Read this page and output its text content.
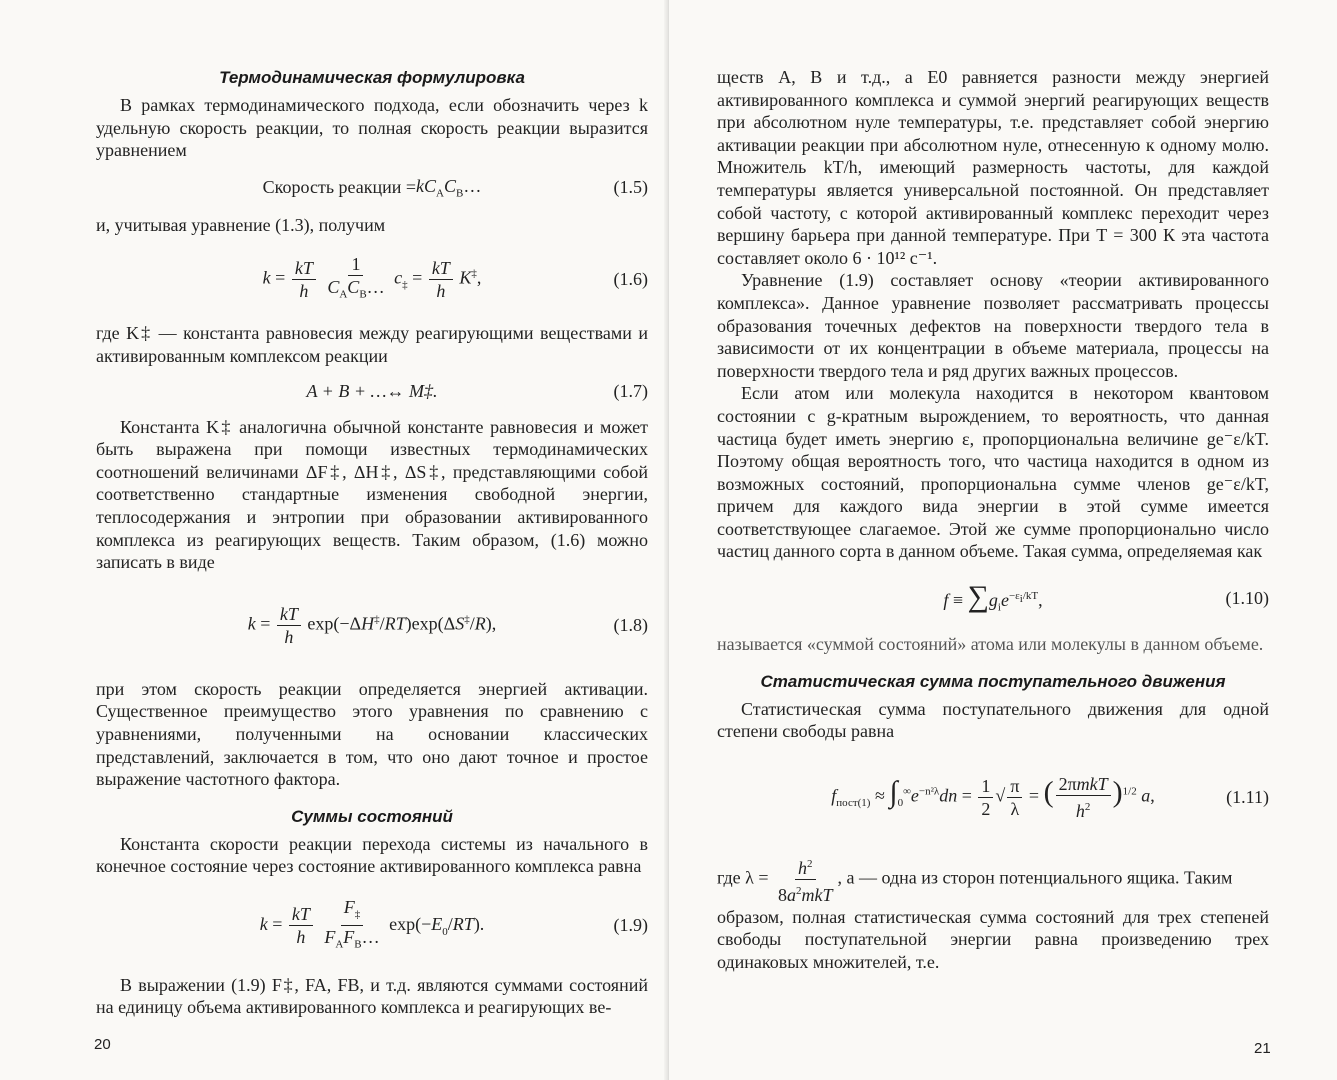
Термодинамическая формулировка

В рамках термодинамического подхода, если обозначить через k удельную скорость реакции, то полная скорость реакции выразится уравнением

Скорость реакции = $kC_AC_B\dots$	(1.5)

и, учитывая уравнение (1.3), получим

$k = \frac{kT}{h}$
$\frac{1}{C_AC_B\dots} c_\ddagger = \frac{kT}{h} K^\ddagger$,	(1.6)

где K‡ — константа равновесия между реагирующими веществами и активированным комплексом реакции

A + B + …↔ M‡.	(1.7)

Константа K‡ аналогична обычной константе равновесия и может быть выражена при помощи известных термодинамических соотношений величинами ΔF‡, ΔH‡, ΔS‡, представляющими собой соответственно стандартные изменения свободной энергии, теплосодержания и энтропии при образовании активированного комплекса из реагирующих веществ. Таким образом, (1.6) можно записать в виде

$k = \frac{kT}{h} \exp(-\Delta H^\ddagger/RT)\exp(\Delta S^\ddagger/R)$,	(1.8)

при этом скорость реакции определяется энергией активации. Существенное преимущество этого уравнения по сравнению с уравнениями, полученными на основании классических представлений, заключается в том, что оно дают точное и простое выражение частотного фактора.

Суммы состояний

Константа скорости реакции перехода системы из начального в конечное состояние через состояние активированного комплекса равна

$k = \frac{kT}{h}$
$\frac{F_\ddagger}{F_AF_B\dots} \exp(-E_0/RT)$.	(1.9)

В выражении (1.9) F‡, FA, FB, и т.д. являются суммами состояний на единицу объема активированного комплекса и реагирующих ве-

20

ществ A, B и т.д., а E0 равняется разности между энергией активированного комплекса и суммой энергий реагирующих веществ при абсолютном нуле температуры, т.е. представляет собой энергию активации реакции при абсолютном нуле, отнесенную к одному молю. Множитель kT/h, имеющий размерность частоты, для каждой температуры является универсальной постоянной. Он представляет собой частоту, с которой активированный комплекс переходит через вершину барьера при данной температуре. При T = 300 К эта частота составляет около 6 · 10¹² с⁻¹.

Уравнение (1.9) составляет основу «теории активированного комплекса». Данное уравнение позволяет рассматривать процессы образования точечных дефектов на поверхности твердого тела в зависимости от их концентрации в объеме материала, процессы на поверхности твердого тела и ряд других важных процессов.

Если атом или молекула находится в некотором квантовом состоянии с g-кратным вырождением, то вероятность, что данная частица будет иметь энергию ε, пропорциональна величине ge⁻ε/kT. Поэтому общая вероятность того, что частица находится в одном из возможных состояний, пропорциональна сумме членов ge⁻ε/kT, причем для каждого вида энергии в этой сумме имеется соответствующее слагаемое. Этой же сумме пропорционально число частиц данного сорта в данном объеме. Такая сумма, определяемая как

$f \equiv \sum g_ie^{-\varepsilon_i/kT}$,	(1.10)

называется «суммой состояний» атома или молекулы в данном объеме.

Статистическая сумма поступательного движения

Статистическая сумма поступательного движения для одной степени свободы равна

$f_{пост(1)} \approx \int_0^\infty e^{-n^2\lambda}dn = \frac{1}{2}$ √ $\frac{\pi}{\lambda}$ = ( $\frac{\text{2πmkT}}{h^2} )^{1/2}$ a,	(1.11)

где $\lambda = \frac{h^2}{8a^2mkT}$ , a — одна из сторон потенциального ящика. Таким

образом, полная статистическая сумма состояний для трех степеней свободы поступательной энергии равна произведению трех одинаковых множителей, т.е.

21
